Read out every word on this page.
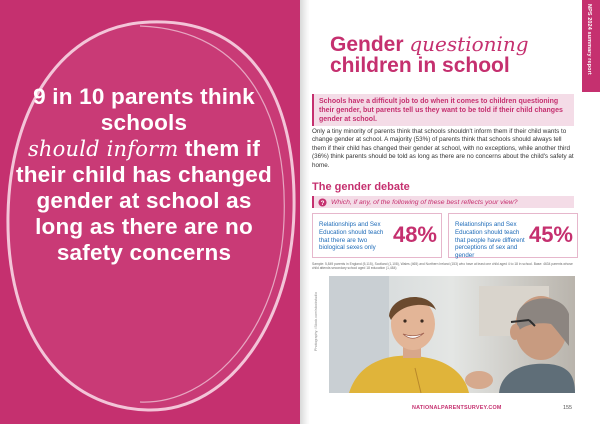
9 in 10 parents think schools
should inform them if their child has changed gender at school as long as there are no safety concerns
NPS 2024 summary report
Gender questioning
children in school

Schools have a difficult job to do when it comes to children questioning their gender, but parents tell us they want to be told if their child changes gender at school.

Only a tiny minority of parents think that schools shouldn't inform them if their child wants to change gender at school. A majority (53%) of parents think that schools should always tell them if their child has changed their gender at school, with no exceptions, while another third (36%) think parents should be told as long as there are no concerns about the child's safety at home.

The gender debate
? Which, if any, of the following of these best reflects your view?
Relationships and Sex Education should teach that there are two biological sexes only
48%	Relationships and Sex Education should teach that people have different perceptions of sex and gender
45%

Sample: 5,849 parents in England (5,115), Scotland (1,108), Wales (465) and Northern Ireland (153) who have at least one child aged 4 to 18 in school. Base: 4634 parents whose child attends secondary school aged 18 education (1,484)

Photography: iStock.com/stockstudio
NATIONALPARENTSURVEY.COM	155
